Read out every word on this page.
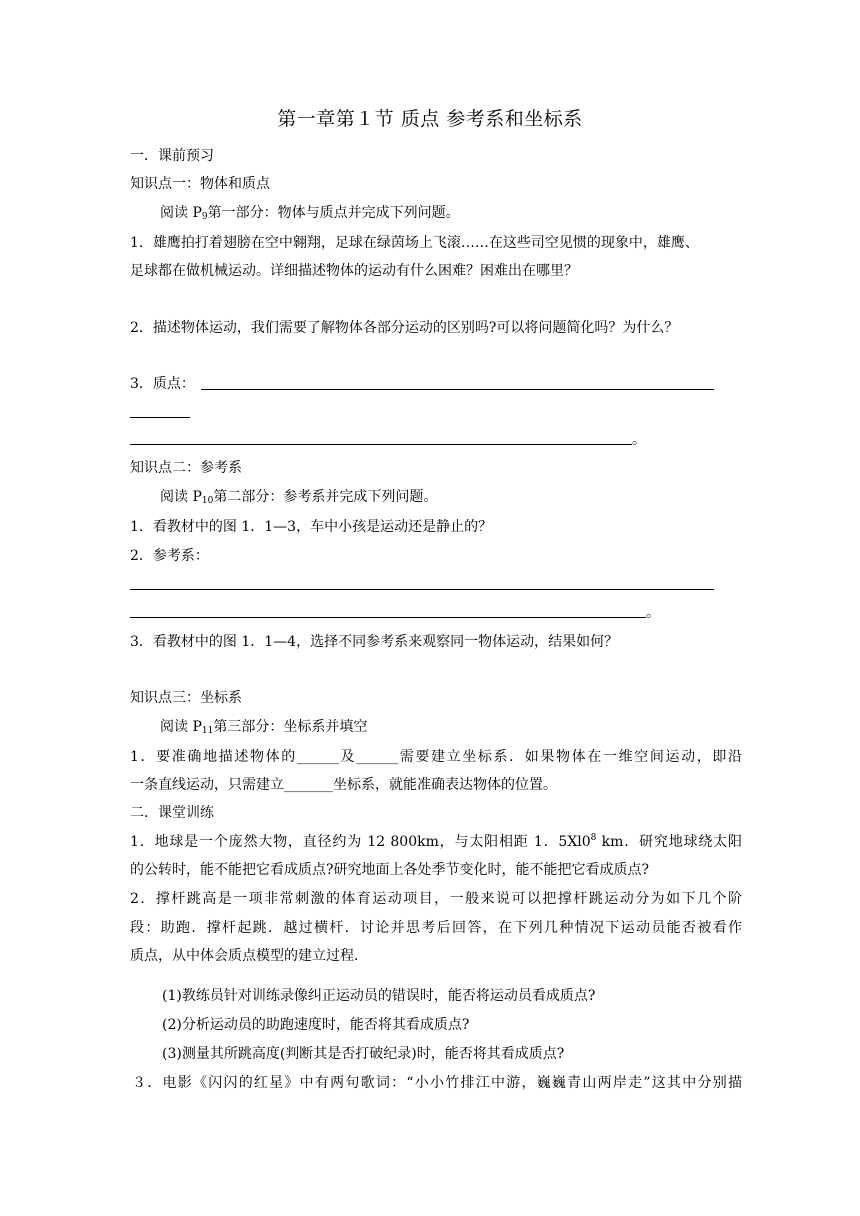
第一章第１节 质点 参考系和坐标系
一．课前预习
知识点一：物体和质点
阅读 $P_9$第一部分：物体与质点并完成下列问题。
1．雄鹰拍打着翅膀在空中翱翔，足球在绿茵场上飞滚……在这些司空见惯的现象中，雄鹰、
足球都在做机械运动。详细描述物体的运动有什么困难？困难出在哪里？
2．描述物体运动，我们需要了解物体各部分运动的区别吗?可以将问题简化吗？为什么？
3．质点：
。
知识点二：参考系
阅读 $P_{10}$第二部分：参考系并完成下列问题。
1．看教材中的图 1．1—3，车中小孩是运动还是静止的？
2．参考系：
。
3．看教材中的图 1．1—4，选择不同参考系来观察同一物体运动，结果如何？
知识点三：坐标系
阅读 $P_{11}$第三部分：坐标系并填空
1．要准确地描述物体的______及______需要建立坐标系．如果物体在一维空间运动，即沿
一条直线运动，只需建立_______坐标系，就能准确表达物体的位置。
二．课堂训练
1．地球是一个庞然大物，直径约为 12 800km，与太阳相距 1．$5Xl0^8$ km．研究地球绕太阳
的公转时，能不能把它看成质点?研究地面上各处季节变化时，能不能把它看成质点?
2．撑杆跳高是一项非常刺激的体育运动项目，一般来说可以把撑杆跳运动分为如下几个阶
段：助跑．撑杆起跳．越过横杆．讨论并思考后回答，在下列几种情况下运动员能否被看作
质点，从中体会质点模型的建立过程．
(1)教练员针对训练录像纠正运动员的错误时，能否将运动员看成质点?
(2)分析运动员的助跑速度时，能否将其看成质点?
(3)测量其所跳高度(判断其是否打破纪录)时，能否将其看成质点?
３．电影《闪闪的红星》中有两句歌词：“小小竹排江中游，巍巍青山两岸走”这其中分别描
